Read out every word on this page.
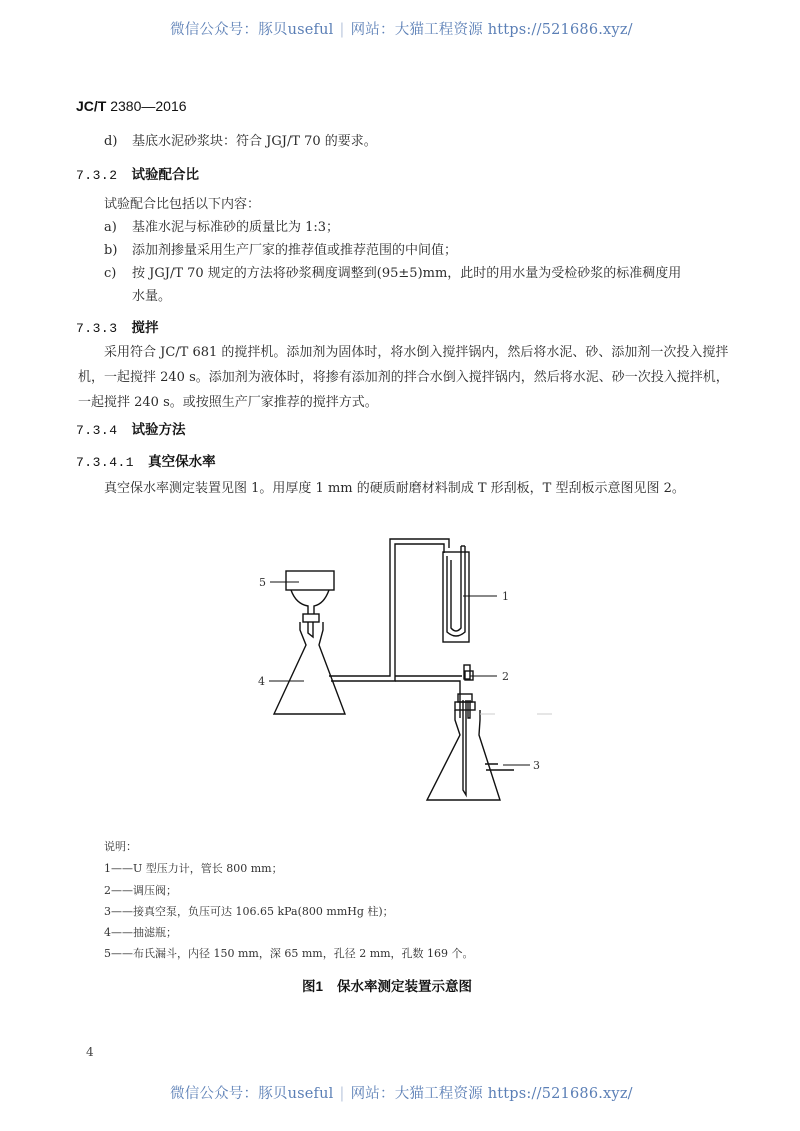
微信公众号：豚贝useful | 网站：大猫工程资源 https://521686.xyz/
JC/T 2380—2016
d) 基底水泥砂浆块：符合 JGJ/T 70 的要求。
7.3.2 试验配合比
试验配合比包括以下内容：
a) 基准水泥与标准砂的质量比为 1:3；
b) 添加剂掺量采用生产厂家的推荐值或推荐范围的中间值；
c) 按 JGJ/T 70 规定的方法将砂浆稠度调整到(95±5)mm，此时的用水量为受检砂浆的标准稠度用
水量。
7.3.3 搅拌
采用符合 JC/T 681 的搅拌机。添加剂为固体时，将水倒入搅拌锅内，然后将水泥、砂、添加剂一次投入搅拌机，一起搅拌 240 s。添加剂为液体时，将掺有添加剂的拌合水倒入搅拌锅内，然后将水泥、砂一次投入搅拌机，一起搅拌 240 s。或按照生产厂家推荐的搅拌方式。
7.3.4 试验方法
7.3.4.1 真空保水率
真空保水率测定装置见图 1。用厚度 1 mm 的硬质耐磨材料制成 T 形刮板，T 型刮板示意图见图 2。
1
2
3
4
5
说明：
1——U 型压力计，管长 800 mm；
2——调压阀；
3——接真空泵，负压可达 106.65 kPa(800 mmHg 柱)；
4——抽滤瓶；
5——布氏漏斗，内径 150 mm，深 65 mm，孔径 2 mm，孔数 169 个。
图1 保水率测定装置示意图
4
微信公众号：豚贝useful | 网站：大猫工程资源 https://521686.xyz/
